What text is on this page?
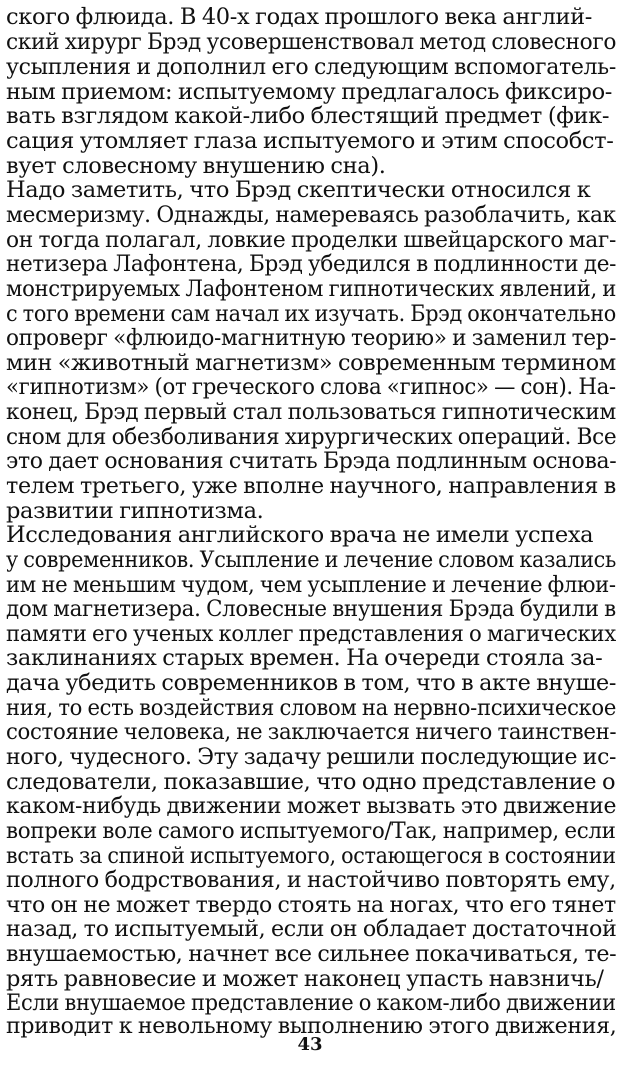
ского флюида. В 40-х годах прошлого века англий-
ский хирург Брэд усовершенствовал метод словесного
усыпления и дополнил его следующим вспомогатель-
ным приемом: испытуемому предлагалось фиксиро-
вать взглядом какой-либо блестящий предмет (фик-
сация утомляет глаза испытуемого и этим способст-
вует словесному внушению сна).
Надо заметить, что Брэд скептически относился к
месмеризму. Однажды, намереваясь разоблачить, как
он тогда полагал, ловкие проделки швейцарского маг-
нетизера Лафонтена, Брэд убедился в подлинности де-
монстрируемых Лафонтеном гипнотических явлений, и
с того времени сам начал их изучать. Брэд окончательно
опроверг «флюидо-магнитную теорию» и заменил тер-
мин «животный магнетизм» современным термином
«гипнотизм» (от греческого слова «гипнос» — сон). На-
конец, Брэд первый стал пользоваться гипнотическим
сном для обезболивания хирургических операций. Все
это дает основания считать Брэда подлинным основа-
телем третьего, уже вполне научного, направления в
развитии гипнотизма.
Исследования английского врача не имели успеха
у современников. Усыпление и лечение словом казались
им не меньшим чудом, чем усыпление и лечение флюи-
дом магнетизера. Словесные внушения Брэда будили в
памяти его ученых коллег представления о магических
заклинаниях старых времен. На очереди стояла за-
дача убедить современников в том, что в акте внуше-
ния, то есть воздействия словом на нервно-психическое
состояние человека, не заключается ничего таинствен-
ного, чудесного. Эту задачу решили последующие ис-
следователи, показавшие, что одно представление о
каком-нибудь движении может вызвать это движение
вопреки воле самого испытуемого/Так, например, если
встать за спиной испытуемого, остающегося в состоянии
полного бодрствования, и настойчиво повторять ему,
что он не может твердо стоять на ногах, что его тянет
назад, то испытуемый, если он обладает достаточной
внушаемостью, начнет все сильнее покачиваться, те-
рять равновесие и может наконец упасть навзничь/
Если внушаемое представление о каком-либо движении
приводит к невольному выполнению этого движения,
43
